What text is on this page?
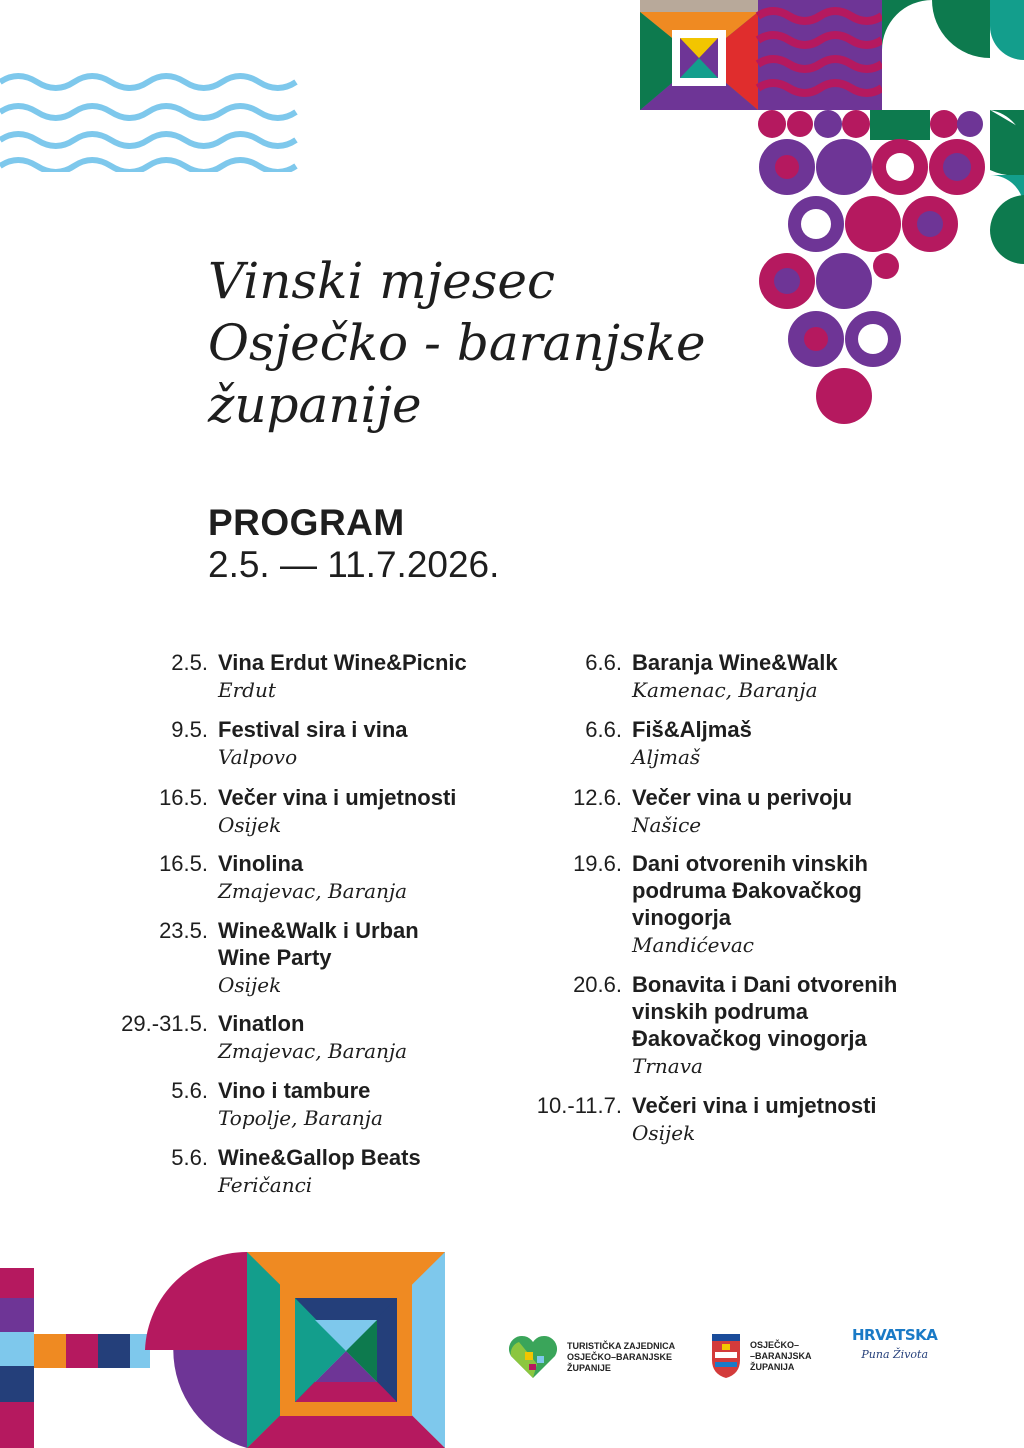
Vinski mjesec
Osječko - baranjske
županije
PROGRAM

2.5. — 11.7.2026.

2.5. Vina Erdut Wine&Picnic
Erdut
9.5. Festival sira i vina
Valpovo
16.5. Večer vina i umjetnosti
Osijek
16.5. Vinolina
Zmajevac, Baranja
23.5. Wine&Walk i Urban
Wine Party
Osijek
29.-31.5. Vinatlon
Zmajevac, Baranja
5.6. Vino i tambure
Topolje, Baranja
5.6. Wine&Gallop Beats
Feričanci
6.6. Baranja Wine&Walk
Kamenac, Baranja
6.6. Fiš&Aljmaš
Aljmaš
12.6. Večer vina u perivoju
Našice
19.6. Dani otvorenih vinskih
podruma Đakovačkog
vinogorja
Mandićevac
20.6. Bonavita i Dani otvorenih
vinskih podruma
Đakovačkog vinogorja
Trnava
10.-11.7. Večeri vina i umjetnosti
Osijek
TURISTIČKA ZAJEDNICA
OSJEČKO–BARANJSKE
ŽUPANIJE
OSJEČKO–
–BARANJSKA
ŽUPANIJA
HRVATSKA
Puna Života
